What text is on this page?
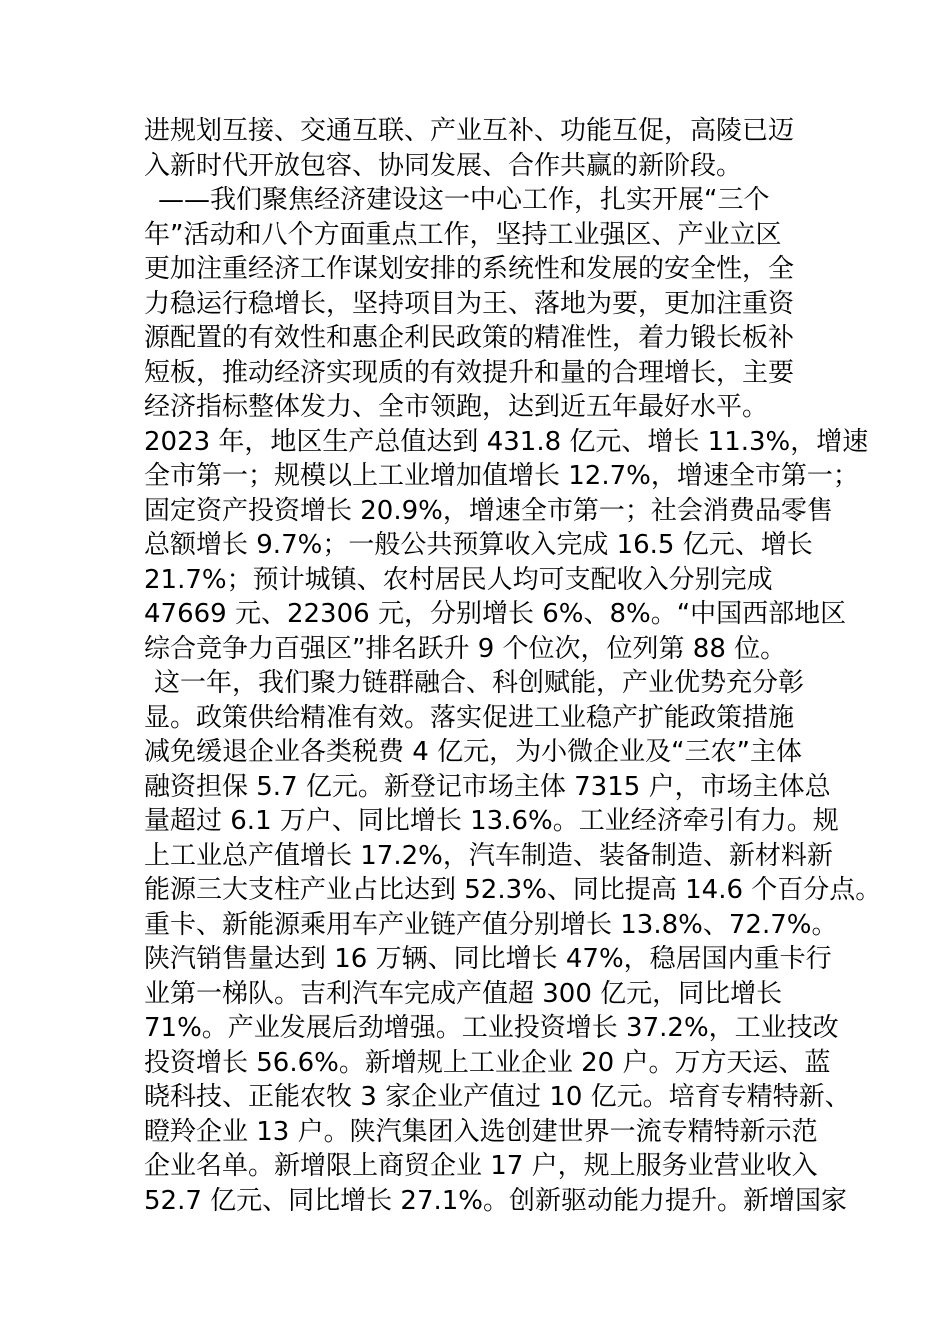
进规划互接、交通互联、产业互补、功能互促，高陵已迈
入新时代开放包容、协同发展、合作共赢的新阶段。
——我们聚焦经济建设这一中心工作，扎实开展“三个
年”活动和八个方面重点工作，坚持工业强区、产业立区
更加注重经济工作谋划安排的系统性和发展的安全性，全
力稳运行稳增长，坚持项目为王、落地为要，更加注重资
源配置的有效性和惠企利民政策的精准性，着力锻长板补
短板，推动经济实现质的有效提升和量的合理增长，主要
经济指标整体发力、全市领跑，达到近五年最好水平。
2023 年，地区生产总值达到 431.8 亿元、增长 11.3%，增速
全市第一；规模以上工业增加值增长 12.7%，增速全市第一；
固定资产投资增长 20.9%，增速全市第一；社会消费品零售
总额增长 9.7%；一般公共预算收入完成 16.5 亿元、增长
21.7%；预计城镇、农村居民人均可支配收入分别完成
47669 元、22306 元，分别增长 6%、8%。“中国西部地区
综合竞争力百强区”排名跃升 9 个位次，位列第 88 位。
这一年，我们聚力链群融合、科创赋能，产业优势充分彰
显。政策供给精准有效。落实促进工业稳产扩能政策措施
减免缓退企业各类税费 4 亿元，为小微企业及“三农”主体
融资担保 5.7 亿元。新登记市场主体 7315 户，市场主体总
量超过 6.1 万户、同比增长 13.6%。工业经济牵引有力。规
上工业总产值增长 17.2%，汽车制造、装备制造、新材料新
能源三大支柱产业占比达到 52.3%、同比提高 14.6 个百分点。
重卡、新能源乘用车产业链产值分别增长 13.8%、72.7%。
陕汽销售量达到 16 万辆、同比增长 47%，稳居国内重卡行
业第一梯队。吉利汽车完成产值超 300 亿元，同比增长
71%。产业发展后劲增强。工业投资增长 37.2%，工业技改
投资增长 56.6%。新增规上工业企业 20 户。万方天运、蓝
晓科技、正能农牧 3 家企业产值过 10 亿元。培育专精特新、
瞪羚企业 13 户。陕汽集团入选创建世界一流专精特新示范
企业名单。新增限上商贸企业 17 户，规上服务业营业收入
52.7 亿元、同比增长 27.1%。创新驱动能力提升。新增国家
